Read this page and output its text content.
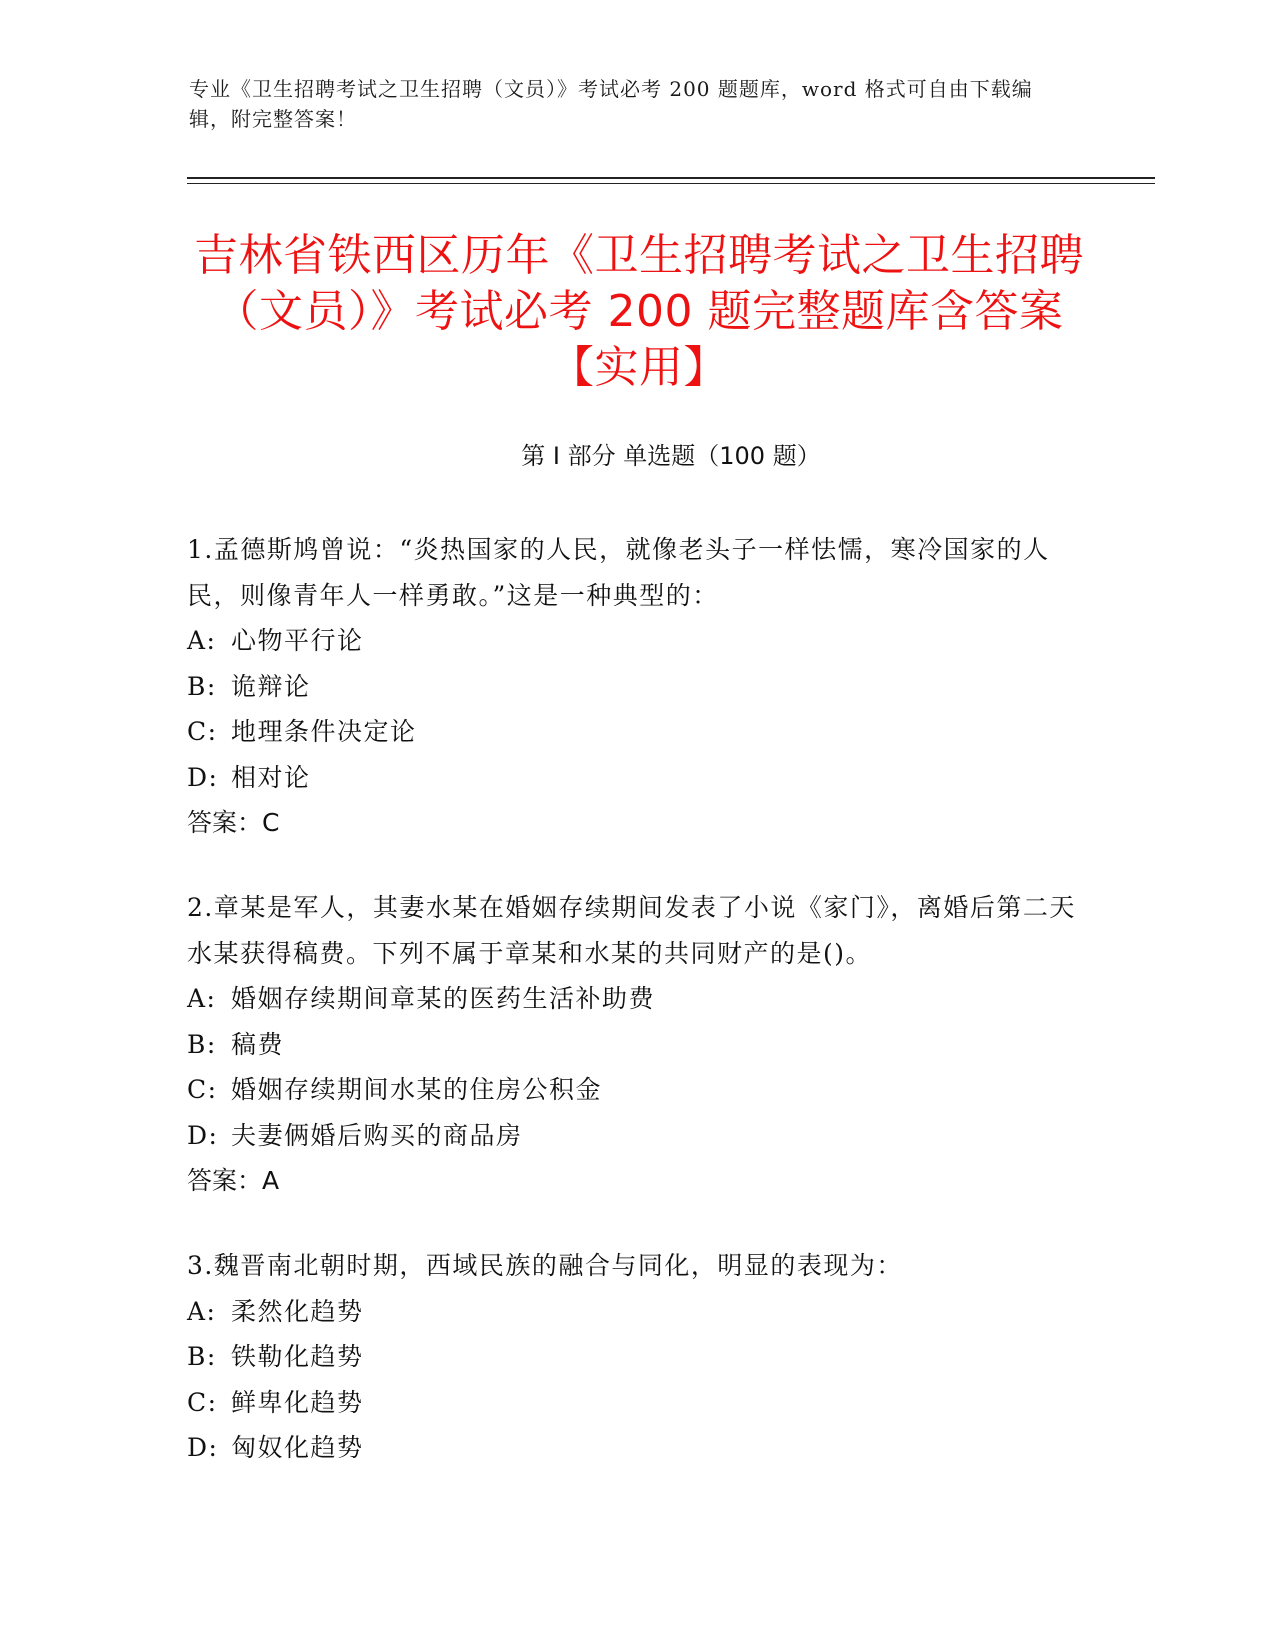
专业《卫生招聘考试之卫生招聘（文员）》考试必考 200 题题库，word 格式可自由下载编辑，附完整答案！
吉林省铁西区历年《卫生招聘考试之卫生招聘（文员）》考试必考 200 题完整题库含答案【实用】
第 I 部分 单选题（100 题）

1.孟德斯鸠曾说：“炎热国家的人民，就像老头子一样怯懦，寒冷国家的人民，则像青年人一样勇敢。”这是一种典型的：

A: 心物平行论

B: 诡辩论

C: 地理条件决定论

D: 相对论

答案：C

2.章某是军人，其妻水某在婚姻存续期间发表了小说《家门》，离婚后第二天水某获得稿费。下列不属于章某和水某的共同财产的是()。

A: 婚姻存续期间章某的医药生活补助费

B: 稿费

C: 婚姻存续期间水某的住房公积金

D: 夫妻俩婚后购买的商品房

答案：A

3.魏晋南北朝时期，西域民族的融合与同化，明显的表现为：

A: 柔然化趋势

B: 铁勒化趋势

C: 鲜卑化趋势

D: 匈奴化趋势
